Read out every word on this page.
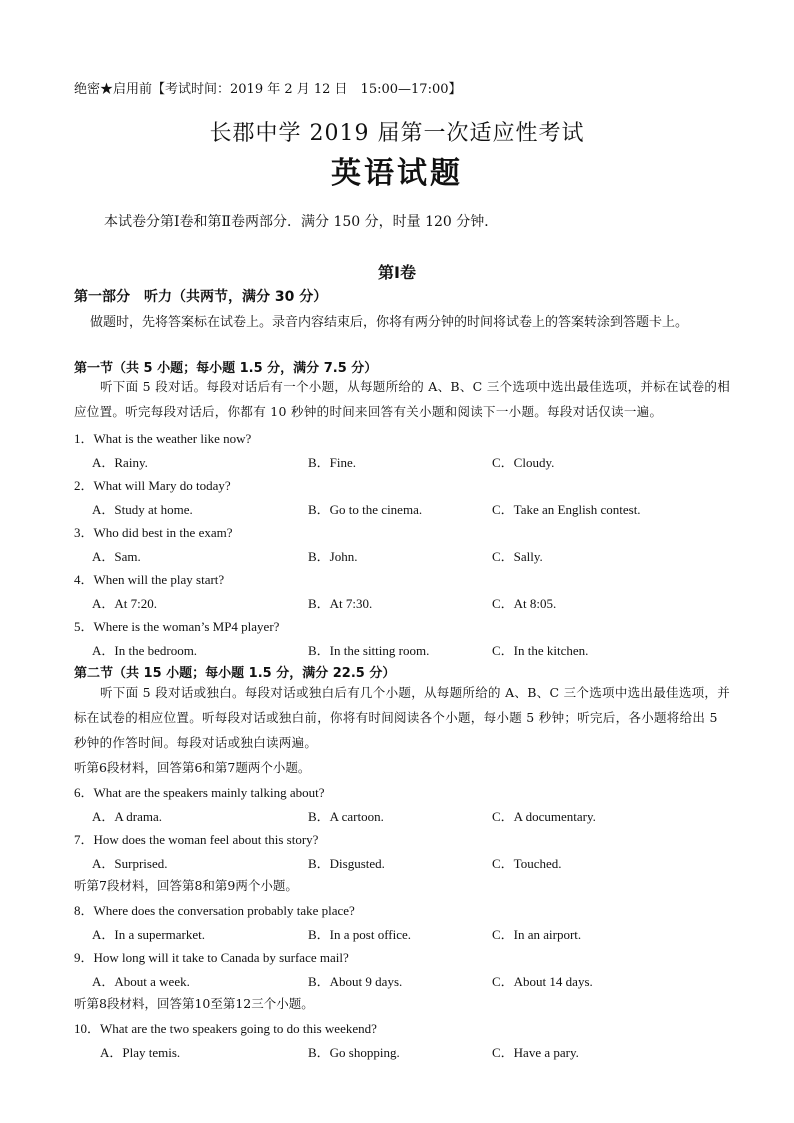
绝密★启用前【考试时间：2019 年 2 月 12 日　15:00—17:00】
长郡中学 2019 届第一次适应性考试
英语试题
本试卷分第Ⅰ卷和第Ⅱ卷两部分．满分 150 分，时量 120 分钟．
第Ⅰ卷
第一部分　听力（共两节，满分 30 分）
做题时，先将答案标在试卷上。录音内容结束后，你将有两分钟的时间将试卷上的答案转涂到答题卡上。
第一节（共 5 小题；每小题 1.5 分，满分 7.5 分）
听下面 5 段对话。每段对话后有一个小题，从每题所给的 A、B、C 三个选项中选出最佳选项，并标在试卷的相应位置。听完每段对话后，你都有 10 秒钟的时间来回答有关小题和阅读下一小题。每段对话仅读一遍。
1．What is the weather like now?
A．Rainy.	B．Fine.	C．Cloudy.
2．What will Mary do today?
A．Study at home.	B．Go to the cinema.	C．Take an English contest.
3．Who did best in the exam?
A．Sam.	B．John.	C．Sally.
4．When will the play start?
A．At 7:20.	B．At 7:30.	C．At 8:05.
5．Where is the woman’s MP4 player?
A．In the bedroom.	B．In the sitting room.	C．In the kitchen.
第二节（共 15 小题；每小题 1.5 分，满分 22.5 分）
听下面 5 段对话或独白。每段对话或独白后有几个小题，从每题所给的 A、B、C 三个选项中选出最佳选项，并标在试卷的相应位置。听每段对话或独白前，你将有时间阅读各个小题，每小题 5 秒钟；听完后，各小题将给出 5 秒钟的作答时间。每段对话或独白读两遍。
听第6段材料，回答第6和第7题两个小题。
6．What are the speakers mainly talking about?
A．A drama.	B．A cartoon.	C．A documentary.
7．How does the woman feel about this story?
A．Surprised.	B．Disgusted.	C．Touched.
听第7段材料，回答第8和第9两个小题。
8．Where does the conversation probably take place?
A．In a supermarket.	B．In a post office.	C．In an airport.
9．How long will it take to Canada by surface mail?
A．About a week.	B．About 9 days.	C．About 14 days.
听第8段材料，回答第10至第12三个小题。
10．What are the two speakers going to do this weekend?
A．Play temis.	B．Go shopping.	C．Have a pary.
